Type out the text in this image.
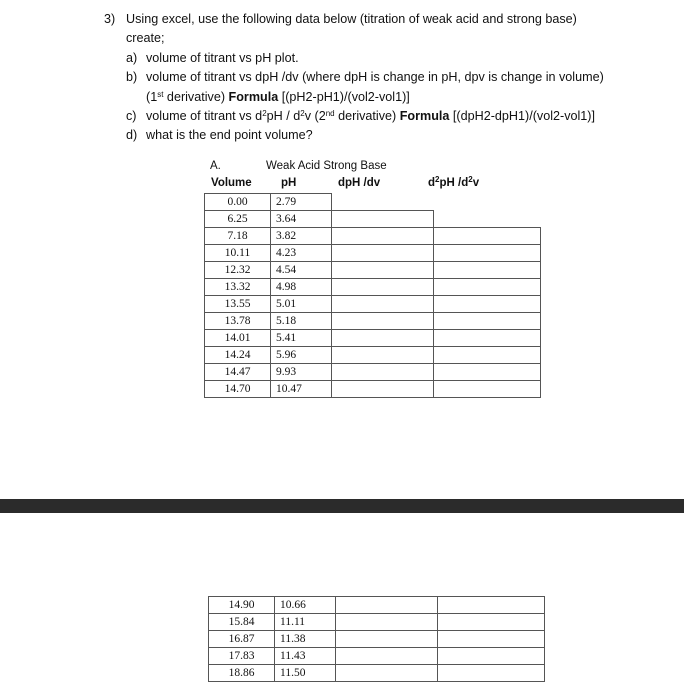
3) Using excel, use the following data below (titration of weak acid and strong base)
create;
a) volume of titrant vs pH plot.
b) volume of titrant vs dpH /dv (where dpH is change in pH, dpv is change in volume)
(1st derivative) Formula [(pH2-pH1)/(vol2-vol1)]
c) volume of titrant vs $d^2pH / d^2v$ (2nd derivative) Formula [(dpH2-dpH1)/(vol2-vol1)]
d) what is the end point volume?
A.	Weak Acid Strong Base
Volume	pH	dpH /dv	$d^2pH$ $/d^2v$
0.00	2.79		
6.25	3.64		
7.18	3.82		
10.11	4.23		
12.32	4.54		
13.32	4.98		
13.55	5.01		
13.78	5.18		
14.01	5.41		
14.24	5.96		
14.47	9.93		
14.70	10.47		
14.90	10.66		
15.84	11.11		
16.87	11.38		
17.83	11.43		
18.86	11.50		
